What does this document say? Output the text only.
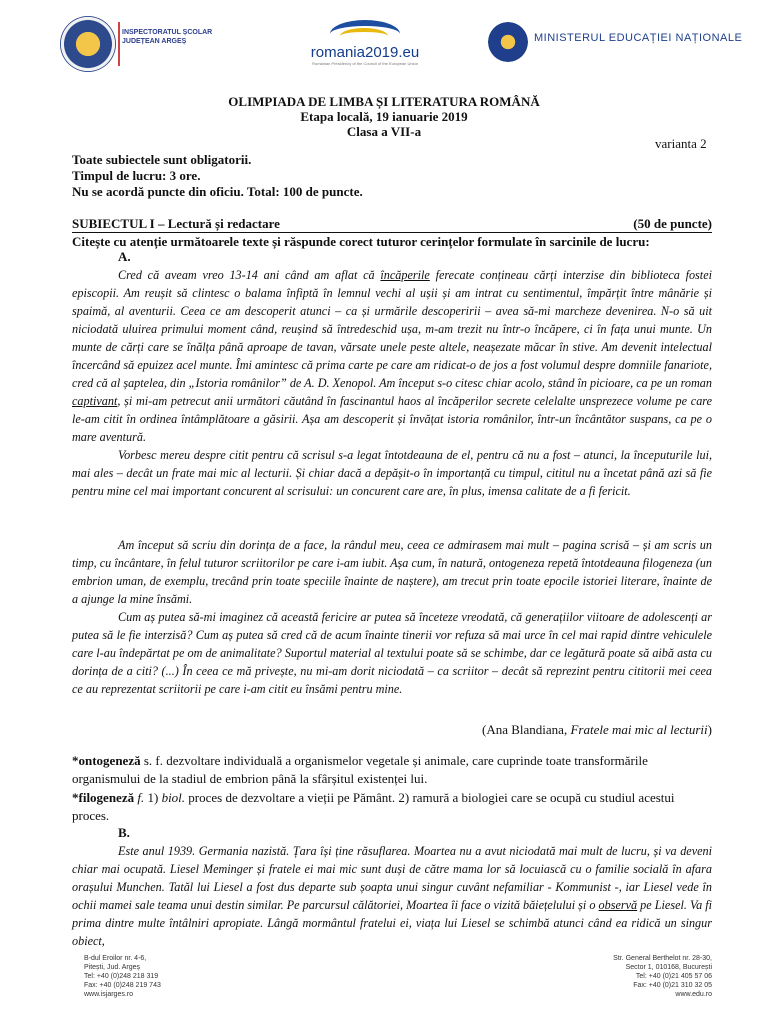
INSPECTORATUL ȘCOLAR JUDEȚEAN ARGEȘ
romania2019.eu
Romanian Presidency of the Council of the European Union
MINISTERUL EDUCAȚIEI NAȚIONALE
OLIMPIADA DE LIMBA ȘI LITERATURA ROMÂNĂ
Etapa locală, 19 ianuarie 2019
Clasa a VII-a
varianta 2
Toate subiectele sunt obligatorii.
Timpul de lucru: 3 ore.
Nu se acordă puncte din oficiu. Total: 100 de puncte.
SUBIECTUL I – Lectură și redactare	(50 de puncte)
Citește cu atenție următoarele texte și răspunde corect tuturor cerințelor formulate în sarcinile de lucru:
A.

Cred că aveam vreo 13-14 ani când am aflat că încăperile ferecate conțineau cărți interzise din biblioteca fostei episcopii. Am reușit să clintesc o balama înfiptă în lemnul vechi al ușii și am intrat cu sentimentul, împărțit între mânărie și spaimă, al aventurii. Ceea ce am descoperit atunci – ca și urmările descoperirii – avea să-mi marcheze devenirea. N-o să uit niciodată uluirea primului moment când, reușind să întredeschid ușa, m-am trezit nu într-o încăpere, ci în fața unui munte. Un munte de cărți care se înălța până aproape de tavan, vărsate unele peste altele, neașezate măcar în stive. Am devenit intelectual încercând să epuizez acel munte. Îmi amintesc că prima carte pe care am ridicat-o de jos a fost volumul despre domniile fanariote, cred că al șaptelea, din „Istoria românilor” de A. D. Xenopol. Am început s-o citesc chiar acolo, stând în picioare, ca pe un roman captivant, și mi-am petrecut anii următori căutând în fascinantul haos al încăperilor secrete celelalte unsprezece volume pe care le-am citit în ordinea întâmplătoare a găsirii. Așa am descoperit și învățat istoria românilor, într-un încântător suspans, ca pe o mare aventură.

Vorbesc mereu despre citit pentru că scrisul s-a legat întotdeauna de el, pentru că nu a fost – atunci, la începuturile lui, mai ales – decât un frate mai mic al lecturii. Și chiar dacă a depășit-o în importanță cu timpul, cititul nu a încetat până azi să fie pentru mine cel mai important concurent al scrisului: un concurent care are, în plus, imensa calitate de a fi fericit.

Am început să scriu din dorința de a face, la rândul meu, ceea ce admirasem mai mult – pagina scrisă – și am scris un timp, cu încântare, în felul tuturor scriitorilor pe care i-am iubit. Așa cum, în natură, ontogeneza repetă întotdeauna filogeneza (un embrion uman, de exemplu, trecând prin toate speciile înainte de naștere), am trecut prin toate epocile istoriei literare, înainte de a ajunge la mine însămi.

Cum aș putea să-mi imaginez că această fericire ar putea să înceteze vreodată, că generațiilor viitoare de adolescenți ar putea să le fie interzisă? Cum aș putea să cred că de acum înainte tinerii vor refuza să mai urce în cel mai rapid dintre vehiculele care l-au îndepărtat pe om de animalitate? Suportul material al textului poate să se schimbe, dar ce legătură poate să aibă asta cu dorința de a citi? (...) În ceea ce mă privește, nu mi-am dorit niciodată – ca scriitor – decât să reprezint pentru cititorii mei ceea ce au reprezentat scriitorii pe care i-am citit eu însămi pentru mine.

(Ana Blandiana, Fratele mai mic al lecturii)

*ontogeneză s. f. dezvoltare individuală a organismelor vegetale și animale, care cuprinde toate transformările organismului de la stadiul de embrion până la sfârșitul existenței lui.

*filogeneză f. 1) biol. proces de dezvoltare a vieții pe Pământ. 2) ramură a biologiei care se ocupă cu studiul acestui proces.

B.

Este anul 1939. Germania nazistă. Țara își ține răsuflarea. Moartea nu a avut niciodată mai mult de lucru, și va deveni chiar mai ocupată. Liesel Meminger și fratele ei mai mic sunt duși de către mama lor să locuiască cu o familie socială în afara orașului Munchen. Tatăl lui Liesel a fost dus departe sub șoapta unui singur cuvânt nefamiliar - Kommunist -, iar Liesel vede în ochii mamei sale teama unui destin similar. Pe parcursul călătoriei, Moartea îi face o vizită băiețelului și o observă pe Liesel. Va fi prima dintre multe întâlniri apropiate. Lângă mormântul fratelui ei, viața lui Liesel se schimbă atunci când ea ridică un singur obiect,

B-dul Eroilor nr. 4-6,
Pitești, Jud. Argeș
Tel: +40 (0)248 218 319
Fax: +40 (0)248 219 743
www.isjarges.ro
Str. General Berthelot nr. 28-30,
Sector 1, 010168, București
Tel: +40 (0)21 405 57 06
Fax: +40 (0)21 310 32 05
www.edu.ro
